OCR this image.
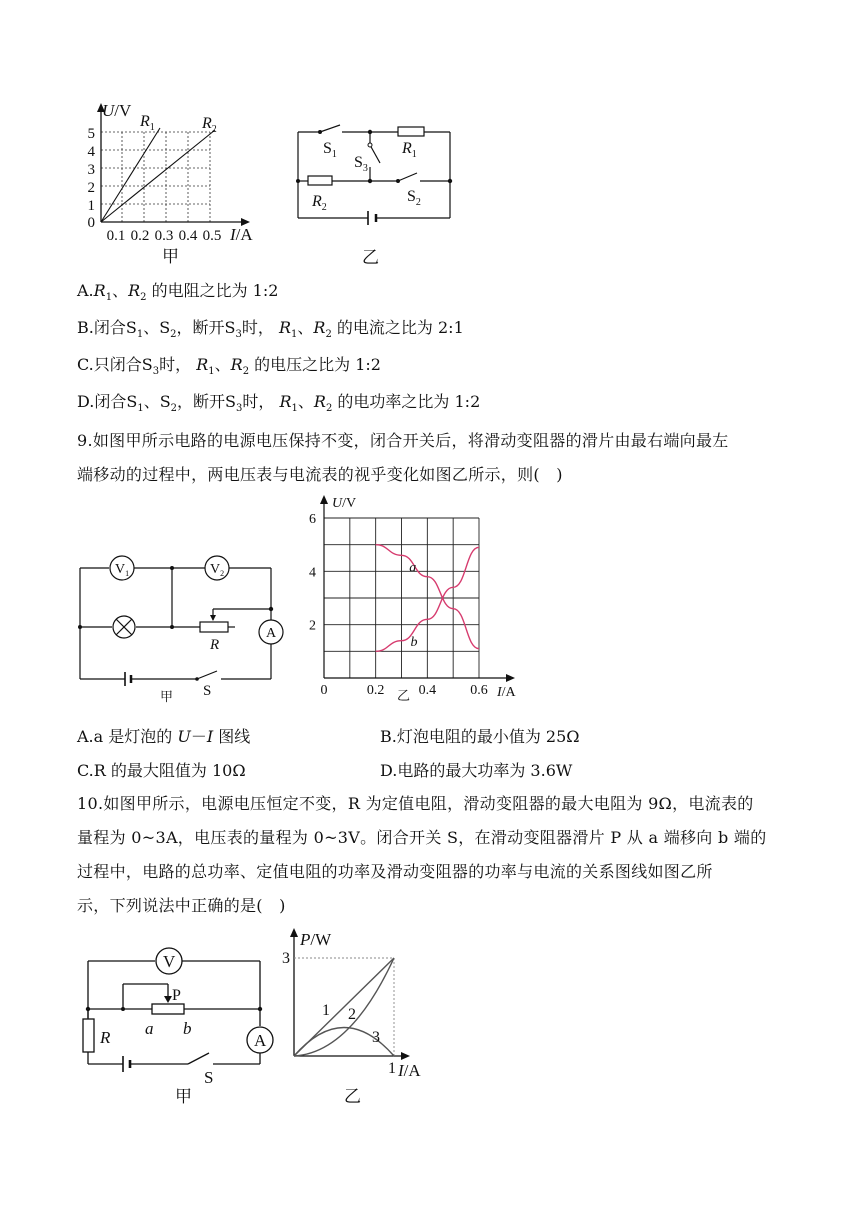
U/V
$R_1$	$R_2$
5
4
3
2
1
0
0.1 0.2 0.3 0.4 0.5 I/A
甲
$S_1$	$R_1$
$S_3$
$R_2$
$S_2$
乙
$A.R_1$、$R_2$ 的电阻之比为 1:2
B.闭合$S_1$、$S_2$，断开$S_3$时， $R_1$、$R_2$ 的电流之比为 2:1
C.只闭合$S_3$时， $R_1$、$R_2$ 的电压之比为 1:2
D.闭合$S_1$、$S_2$，断开$S_3$时， $R_1$、$R_2$ 的电功率之比为 1:2
9.如图甲所示电路的电源电压保持不变，闭合开关后，将滑动变阻器的滑片由最右端向最左
端移动的过程中，两电压表与电流表的视乎变化如图乙所示，则(　)
$V_1$	$V_2$
R
A
S
甲
U/V
I/A
0	0.2 0.4 0.6
2
4
6
a
b
乙
A.a 是灯泡的 U－I 图线	B.灯泡电阻的最小值为 25Ω
C.R 的最大阻值为 10Ω	D.电路的最大功率为 3.6W
10.如图甲所示，电源电压恒定不变，R 为定值电阻，滑动变阻器的最大电阻为 9Ω，电流表的
量程为 0~3A，电压表的量程为 0~3V。闭合开关 S，在滑动变阻器滑片 P 从 a 端移向 b 端的
过程中，电路的总功率、定值电阻的功率及滑动变阻器的功率与电流的关系图线如图乙所
示，下列说法中正确的是(　)
V
P
R a b
A
S
甲
P/W
3
1 I/A
1 2
3
乙
